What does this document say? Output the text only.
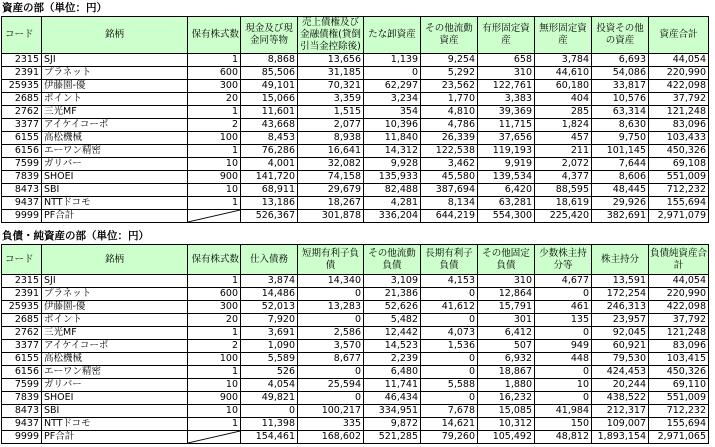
資産の部（単位：円）
コード	銘柄	保有株式数	現金及び現金同等物	売上債権及び金融債権(貸倒引当金控除後)	たな卸資産	その他流動資産	有形固定資産	無形固定資産	投資その他の資産	資産合計
2315	SJI	1	8,868	13,656	1,139	9,254	658	3,784	6,693	44,054
2391	プラネット	600	85,506	31,185	0	5,292	310	44,610	54,086	220,990
25935	伊藤園-優	300	49,101	70,321	62,297	23,562	122,761	60,180	33,817	422,098
2685	ポイント	20	15,066	3,359	3,234	1,770	3,383	404	10,576	37,792
2762	三光MF	1	11,601	1,515	354	4,810	39,369	285	63,314	121,248
3377	アイケイコーポ	2	43,668	2,077	10,396	4,786	11,715	1,824	8,630	83,096
6155	高松機械	100	8,453	8,938	11,840	26,339	37,656	457	9,750	103,433
6156	エーワン精密	1	76,286	16,641	14,312	122,538	119,193	211	101,145	450,326
7599	ガリバー	10	4,001	32,082	9,928	3,462	9,919	2,072	7,644	69,108
7839	SHOEI	900	141,720	74,158	135,933	45,580	139,534	4,377	8,606	551,009
8473	SBI	10	68,911	29,679	82,488	387,694	6,420	88,595	48,445	712,232
9437	NTTドコモ	1	13,186	18,267	4,281	8,134	63,281	18,619	29,926	155,694
9999	PF合計		526,367	301,878	336,204	644,219	554,300	225,420	382,691	2,971,079
負債・純資産の部（単位：円）
コード	銘柄	保有株式数	仕入債務	短期有利子負債	その他流動負債	長期有利子負債	その他固定負債	少数株主持分等	株主持分	負債純資産合計
2315	SJI	1	3,874	14,340	3,109	4,153	310	4,677	13,591	44,054
2391	プラネット	600	14,486	0	21,386	0	12,864	0	172,254	220,990
25935	伊藤園-優	300	52,013	13,283	52,626	41,612	15,791	461	246,313	422,098
2685	ポイント	20	7,920	0	5,482	0	301	135	23,957	37,792
2762	三光MF	1	3,691	2,586	12,442	4,073	6,412	0	92,045	121,248
3377	アイケイコーポ	2	1,090	3,570	14,523	1,536	507	949	60,921	83,096
6155	高松機械	100	5,589	8,677	2,239	0	6,932	448	79,530	103,415
6156	エーワン精密	1	526	0	6,480	0	18,867	0	424,453	450,326
7599	ガリバー	10	4,054	25,594	11,741	5,588	1,880	10	20,244	69,110
7839	SHOEI	900	49,821	0	46,434	0	16,232	0	438,522	551,009
8473	SBI	10	0	100,217	334,951	7,678	15,085	41,984	212,317	712,232
9437	NTTドコモ	1	11,398	335	9,872	14,621	10,312	150	109,007	155,694
9999	PF合計		154,461	168,602	521,285	79,260	105,492	48,812	1,893,154	2,971,065
